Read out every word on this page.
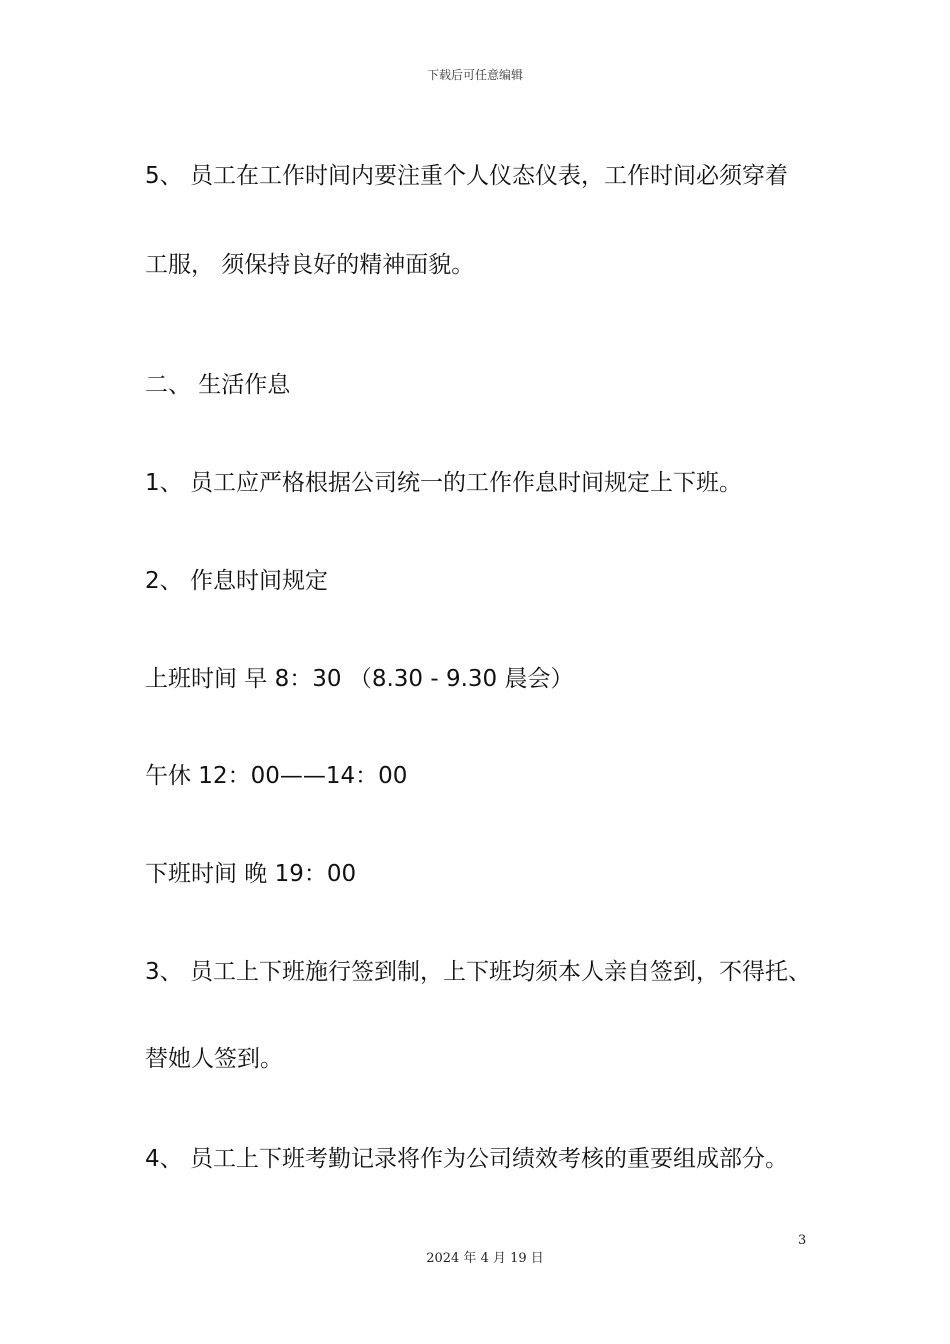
下载后可任意编辑
5、 员工在工作时间内要注重个人仪态仪表，工作时间必须穿着
工服， 须保持良好的精神面貌。
二、 生活作息
1、 员工应严格根据公司统一的工作作息时间规定上下班。
2、 作息时间规定
上班时间 早 8：30 （8.30 - 9.30 晨会）
午休 12：00——14：00
下班时间 晚 19：00
3、 员工上下班施行签到制，上下班均须本人亲自签到，不得托、
替她人签到。
4、 员工上下班考勤记录将作为公司绩效考核的重要组成部分。
3
2024 年 4 月 19 日
